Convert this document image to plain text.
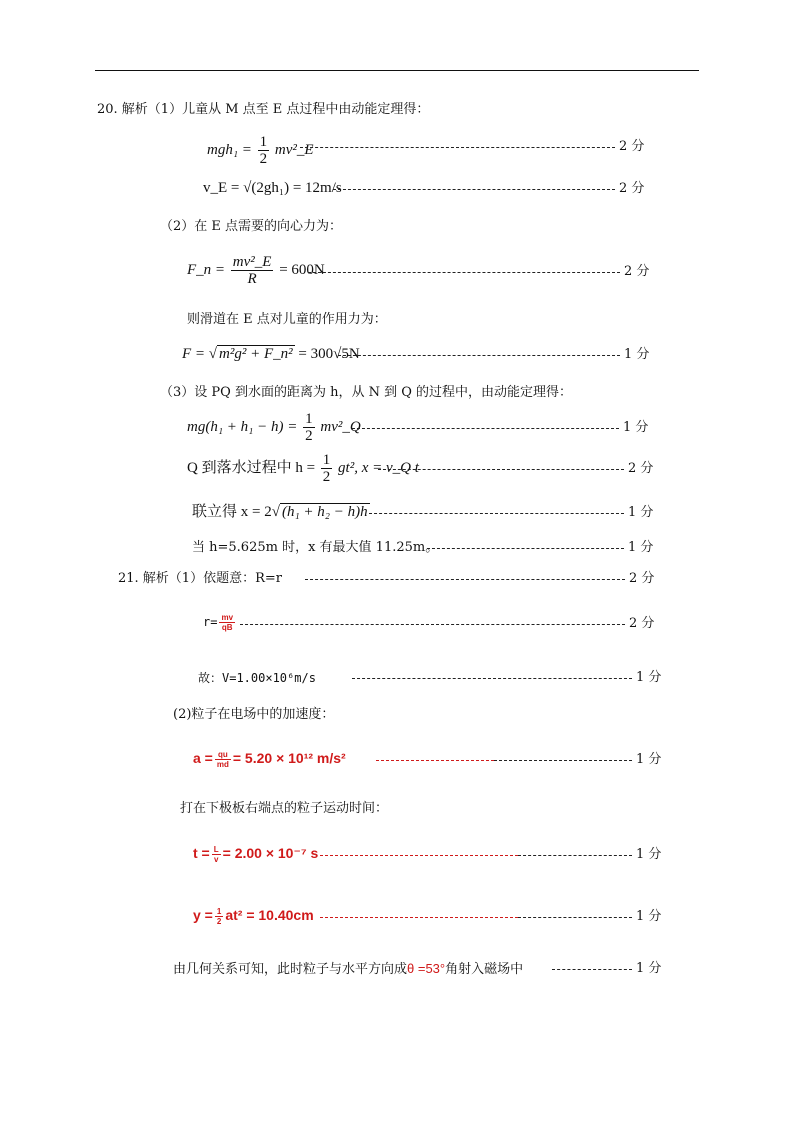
20. 解析（1）儿童从 M 点至 E 点过程中由动能定理得：
$mgh_1 = \frac{1}{2}$ mv²_E	2 分
v_E = √(2gh₁) = 12m/s	2 分
（2）在 E 点需要的向心力为：
F_n = $\frac{\text{mv²\_E}}{R} = 600N$	2 分
则滑道在 E 点对儿童的作用力为：
F = √ m²g² + F_n² = 300√5N	1 分
（3）设 PQ 到水面的距离为 h，从 N 到 Q 的过程中，由动能定理得：
$mg(h_1 + h_1 - h) = \frac{1}{2}$ mv²_Q	1 分
Q 到落水过程中 $h = \frac{1}{2} gt^2$, x = v_Q t	2 分
联立得 x = 2√ (h₁ + h₂ − h)h	1 分
当 h=5.625m 时，x 有最大值 11.25m。	1 分
21. 解析（1）依题意：R=r	2 分
$r= \frac{mv}{qB}$	2 分
故：V=1.00×10⁶m/s	1 分
(2)粒子在电场中的加速度：
$a = \frac{qu}{md} = 5.20 \times 10^{12}$ m/s²	1 分
打在下极板右端点的粒子运动时间：
$t = \frac{L}{v} = 2.00 \times 10^{-7}$ s	1 分
$y = \frac{1}{2} at^2 = 10.40cm$	1 分
由几何关系可知，此时粒子与水平方向成θ =53°角射入磁场中	1 分
